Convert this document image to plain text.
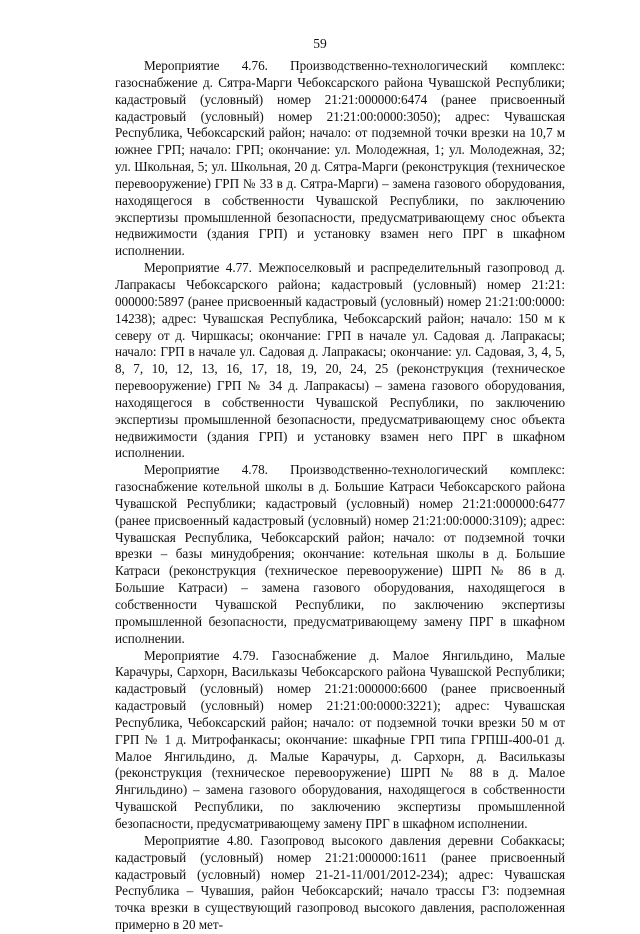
59

Мероприятие 4.76. Производственно-технологический комплекс: газоснабжение д. Сятра-Марги Чебоксарского района Чувашской Республики; кадастровый (условный) номер 21:21:000000:6474 (ранее присвоенный кадастровый (условный) номер 21:21:00:0000:3050); адрес: Чувашская Республика, Чебоксарский район; начало: от подземной точки врезки на 10,7 м южнее ГРП; начало: ГРП; окончание: ул. Молодежная, 1; ул. Молодежная, 32; ул. Школьная, 5; ул. Школьная, 20 д. Сятра-Марги (реконструкция (техническое перевооружение) ГРП № 33 в д. Сятра-Марги) – замена газового оборудования, находящегося в собственности Чувашской Республики, по заключению экспертизы промышленной безопасности, предусматривающему снос объекта недвижимости (здания ГРП) и установку взамен него ПРГ в шкафном исполнении.

Мероприятие 4.77. Межпоселковый и распределительный газопровод д. Лапракасы Чебоксарского района; кадастровый (условный) номер 21:21: 000000:5897 (ранее присвоенный кадастровый (условный) номер 21:21:00:0000: 14238); адрес: Чувашская Республика, Чебоксарский район; начало: 150 м к северу от д. Чиршкасы; окончание: ГРП в начале ул. Садовая д. Лапракасы; начало: ГРП в начале ул. Садовая д. Лапракасы; окончание: ул. Садовая, 3, 4, 5, 8, 7, 10, 12, 13, 16, 17, 18, 19, 20, 24, 25 (реконструкция (техническое перевооружение) ГРП № 34 д. Лапракасы) – замена газового оборудования, находящегося в собственности Чувашской Республики, по заключению экспертизы промышленной безопасности, предусматривающему снос объекта недвижимости (здания ГРП) и установку взамен него ПРГ в шкафном исполнении.

Мероприятие 4.78. Производственно-технологический комплекс: газоснабжение котельной школы в д. Большие Катраси Чебоксарского района Чувашской Республики; кадастровый (условный) номер 21:21:000000:6477 (ранее присвоенный кадастровый (условный) номер 21:21:00:0000:3109); адрес: Чувашская Республика, Чебоксарский район; начало: от подземной точки врезки – базы минудобрения; окончание: котельная школы в д. Большие Катраси (реконструкция (техническое перевооружение) ШРП № 86 в д. Большие Катраси) – замена газового оборудования, находящегося в собственности Чувашской Республики, по заключению экспертизы промышленной безопасности, предусматривающему замену ПРГ в шкафном исполнении.

Мероприятие 4.79. Газоснабжение д. Малое Янгильдино, Малые Карачуры, Сархорн, Васильказы Чебоксарского района Чувашской Республики; кадастровый (условный) номер 21:21:000000:6600 (ранее присвоенный кадастровый (условный) номер 21:21:00:0000:3221); адрес: Чувашская Республика, Чебоксарский район; начало: от подземной точки врезки 50 м от ГРП № 1 д. Митрофанкасы; окончание: шкафные ГРП типа ГРПШ-400-01 д. Малое Янгильдино, д. Малые Карачуры, д. Сархорн, д. Васильказы (реконструкция (техническое перевооружение) ШРП № 88 в д. Малое Янгильдино) – замена газового оборудования, находящегося в собственности Чувашской Республики, по заключению экспертизы промышленной безопасности, предусматривающему замену ПРГ в шкафном исполнении.

Мероприятие 4.80. Газопровод высокого давления деревни Собаккасы; кадастровый (условный) номер 21:21:000000:1611 (ранее присвоенный кадастровый (условный) номер 21-21-11/001/2012-234); адрес: Чувашская Республика – Чувашия, район Чебоксарский; начало трассы Г3: подземная точка врезки в существующий газопровод высокого давления, расположенная примерно в 20 мет-
